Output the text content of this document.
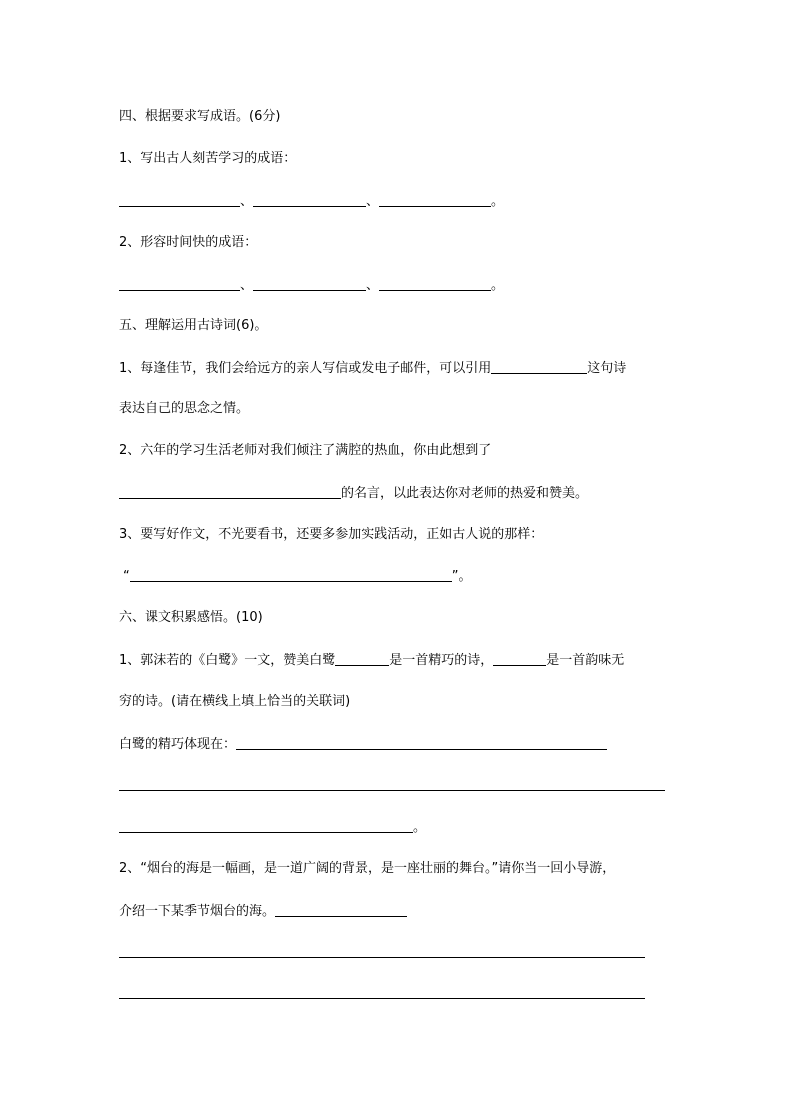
四、根据要求写成语。(6分)
1、写出古人刻苦学习的成语：
、	、	。
2、形容时间快的成语：
、	、	。
五、理解运用古诗词(6)。
1、每逢佳节，我们会给远方的亲人写信或发电子邮件，可以引用	这句诗
表达自己的思念之情。
2、六年的学习生活老师对我们倾注了满腔的热血，你由此想到了
的名言，以此表达你对老师的热爱和赞美。
3、要写好作文，不光要看书，还要多参加实践活动，正如古人说的那样：
“	”。
六、课文积累感悟。(10)
1、郭沫若的《白鹭》一文，赞美白鹭	是一首精巧的诗，	是一首韵味无
穷的诗。(请在横线上填上恰当的关联词)
白鹭的精巧体现在：
。
2、“烟台的海是一幅画，是一道广阔的背景，是一座壮丽的舞台。”请你当一回小导游，
介绍一下某季节烟台的海。
